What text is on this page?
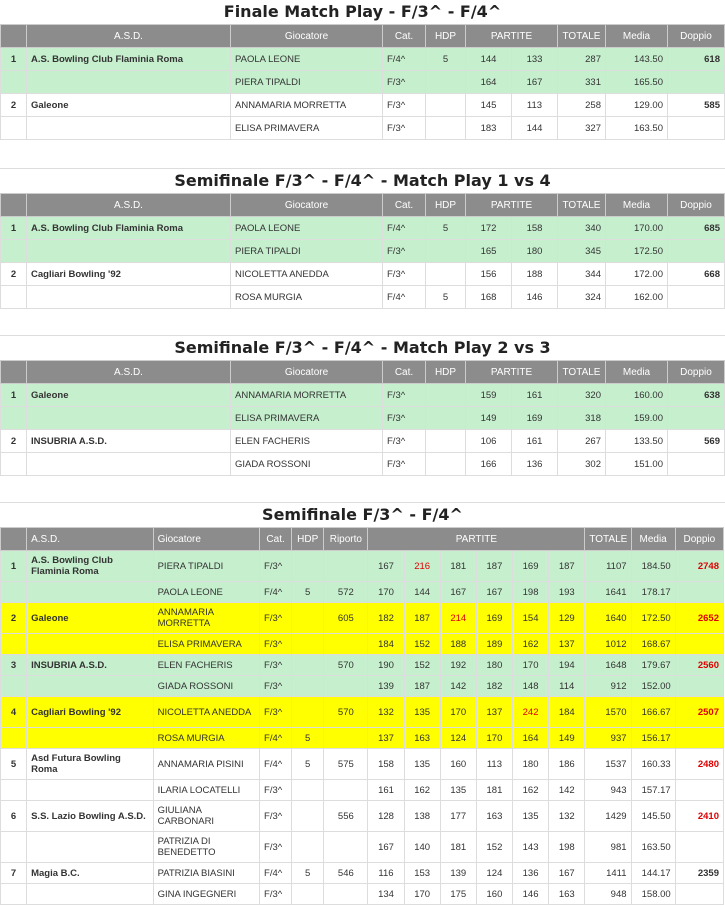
Finale Match Play - F/3^ - F/4^
	A.S.D.	Giocatore	Cat.	HDP	PARTITE		TOTALE	Media	Doppio
1	A.S. Bowling Club Flaminia Roma	PAOLA LEONE	F/4^	5	144	133	287	143.50	618
		PIERA TIPALDI	F/3^		164	167	331	165.50	
2	Galeone	ANNAMARIA MORRETTA	F/3^		145	113	258	129.00	585
		ELISA PRIMAVERA	F/3^		183	144	327	163.50	
Semifinale F/3^ - F/4^ - Match Play 1 vs 4
	A.S.D.	Giocatore	Cat.	HDP	PARTITE		TOTALE	Media	Doppio
1	A.S. Bowling Club Flaminia Roma	PAOLA LEONE	F/4^	5	172	158	340	170.00	685
		PIERA TIPALDI	F/3^		165	180	345	172.50	
2	Cagliari Bowling '92	NICOLETTA ANEDDA	F/3^		156	188	344	172.00	668
		ROSA MURGIA	F/4^	5	168	146	324	162.00	
Semifinale F/3^ - F/4^ - Match Play 2 vs 3
	A.S.D.	Giocatore	Cat.	HDP	PARTITE		TOTALE	Media	Doppio
1	Galeone	ANNAMARIA MORRETTA	F/3^		159	161	320	160.00	638
		ELISA PRIMAVERA	F/3^		149	169	318	159.00	
2	INSUBRIA A.S.D.	ELEN FACHERIS	F/3^		106	161	267	133.50	569
		GIADA ROSSONI	F/3^		166	136	302	151.00	
Semifinale F/3^ - F/4^
	A.S.D.	Giocatore	Cat.	HDP	Riporto	PARTITE						TOTALE	Media	Doppio
1	A.S. Bowling Club Flaminia Roma	PIERA TIPALDI	F/3^			167	216	181	187	169	187	1107	184.50	2748
		PAOLA LEONE	F/4^	5	572	170	144	167	167	198	193	1641	178.17	
2	Galeone	ANNAMARIA MORRETTA	F/3^		605	182	187	214	169	154	129	1640	172.50	2652
		ELISA PRIMAVERA	F/3^			184	152	188	189	162	137	1012	168.67	
3	INSUBRIA A.S.D.	ELEN FACHERIS	F/3^		570	190	152	192	180	170	194	1648	179.67	2560
		GIADA ROSSONI	F/3^			139	187	142	182	148	114	912	152.00	
4	Cagliari Bowling '92	NICOLETTA ANEDDA	F/3^		570	132	135	170	137	242	184	1570	166.67	2507
		ROSA MURGIA	F/4^	5		137	163	124	170	164	149	937	156.17	
5	Asd Futura Bowling Roma	ANNAMARIA PISINI	F/4^	5	575	158	135	160	113	180	186	1537	160.33	2480
		ILARIA LOCATELLI	F/3^			161	162	135	181	162	142	943	157.17	
6	S.S. Lazio Bowling A.S.D.	GIULIANA CARBONARI	F/3^		556	128	138	177	163	135	132	1429	145.50	2410
		PATRIZIA DI BENEDETTO	F/3^			167	140	181	152	143	198	981	163.50	
7	Magia B.C.	PATRIZIA BIASINI	F/4^	5	546	116	153	139	124	136	167	1411	144.17	2359
		GINA INGEGNERI	F/3^			134	170	175	160	146	163	948	158.00	
